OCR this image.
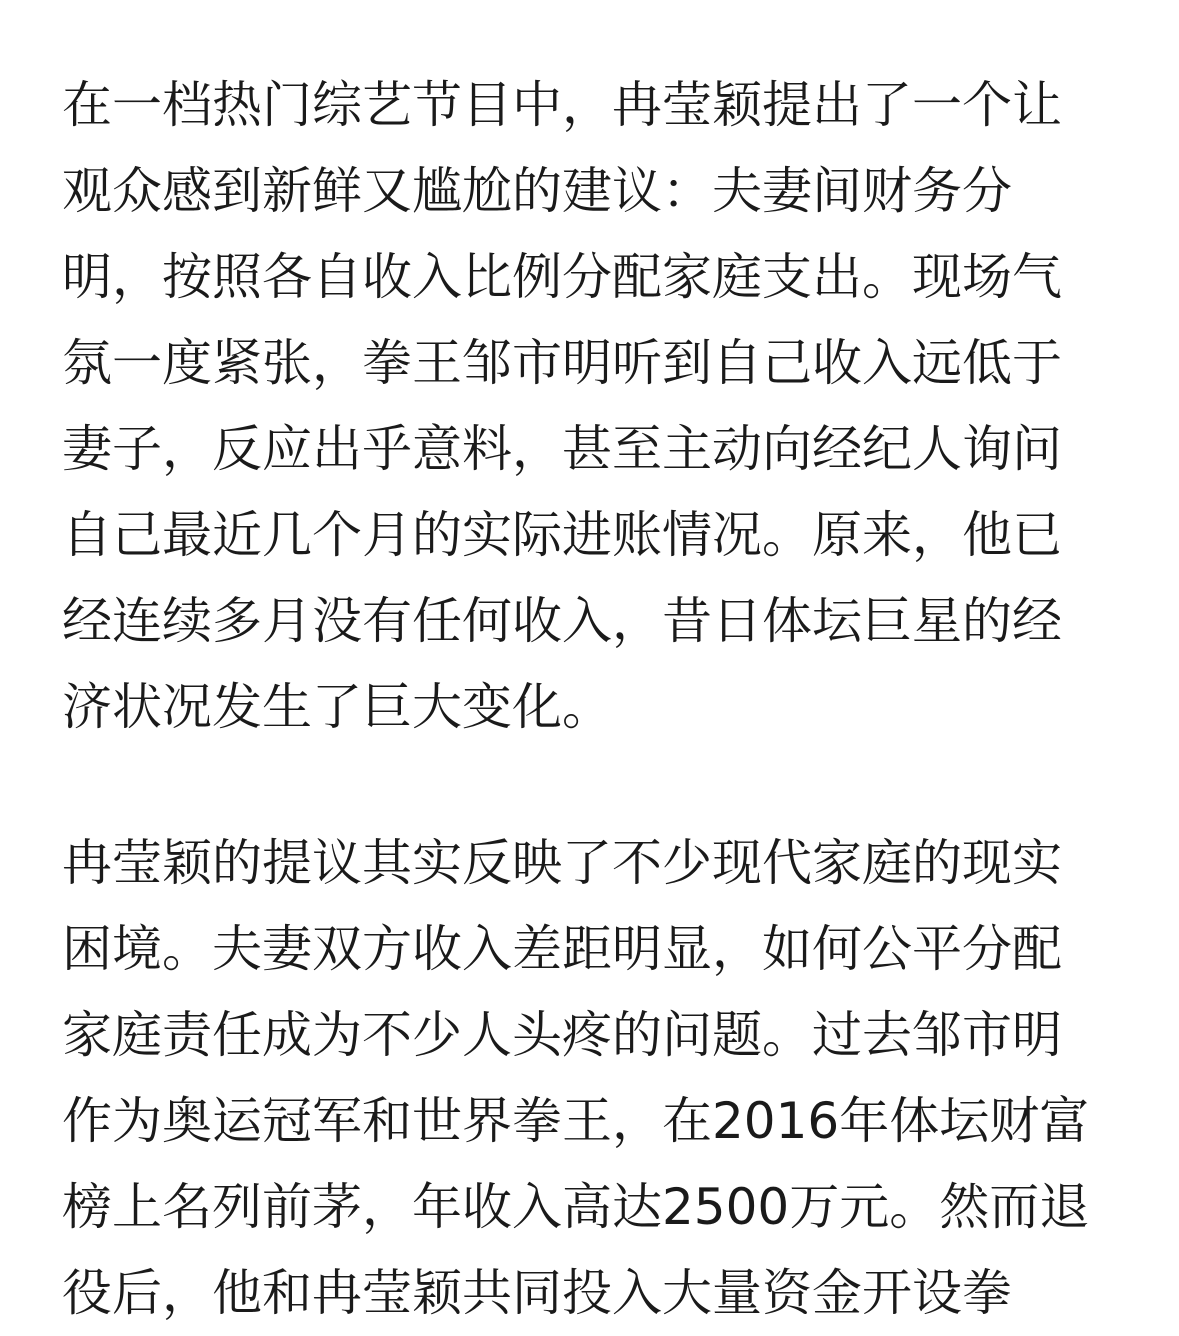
在一档热门综艺节目中，冉莹颖提出了一个让
观众感到新鲜又尴尬的建议：夫妻间财务分
明，按照各自收入比例分配家庭支出。现场气
氛一度紧张，拳王邹市明听到自己收入远低于
妻子，反应出乎意料，甚至主动向经纪人询问
自己最近几个月的实际进账情况。原来，他已
经连续多月没有任何收入，昔日体坛巨星的经
济状况发生了巨大变化。

冉莹颖的提议其实反映了不少现代家庭的现实
困境。夫妻双方收入差距明显，如何公平分配
家庭责任成为不少人头疼的问题。过去邹市明
作为奥运冠军和世界拳王，在2016年体坛财富
榜上名列前茅，年收入高达2500万元。然而退
役后，他和冉莹颖共同投入大量资金开设拳
